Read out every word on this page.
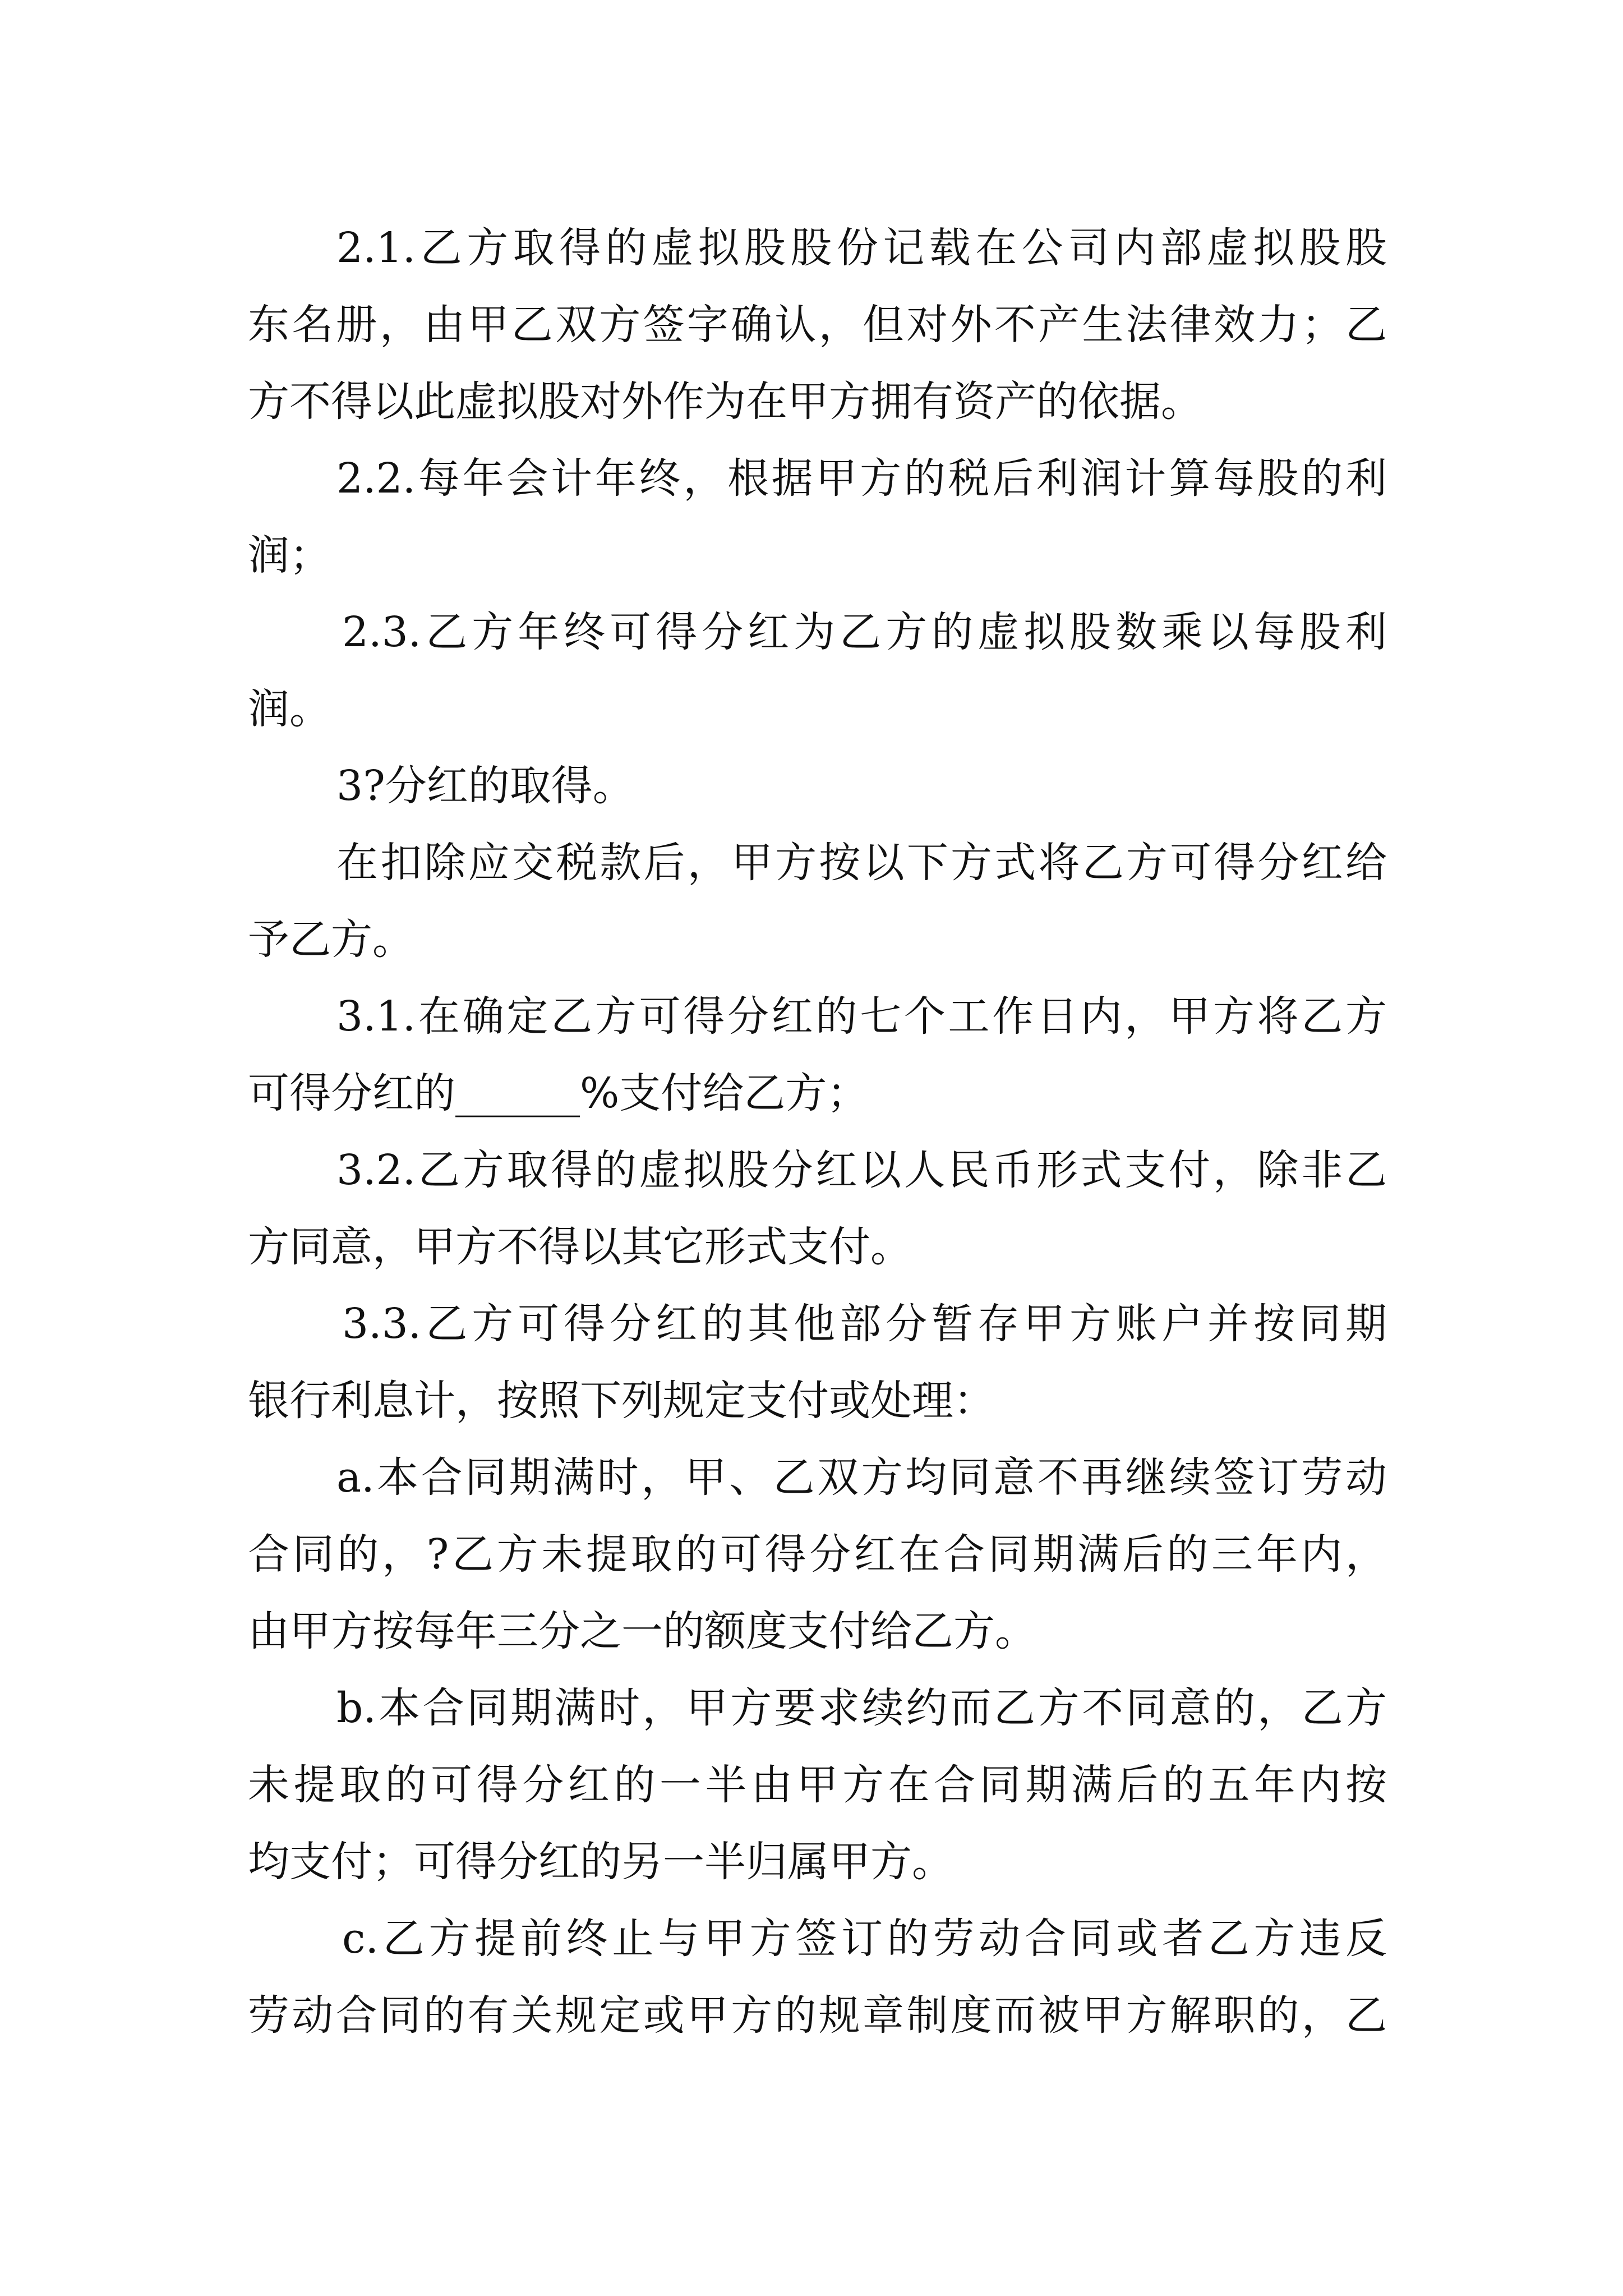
2.1.乙方取得的虚拟股股份记载在公司内部虚拟股股
东名册，由甲乙双方签字确认，但对外不产生法律效力；乙
方不得以此虚拟股对外作为在甲方拥有资产的依据。
2.2.每年会计年终，根据甲方的税后利润计算每股的利
润；
2.3.乙方年终可得分红为乙方的虚拟股数乘以每股利
润。
3?分红的取得。
在扣除应交税款后，甲方按以下方式将乙方可得分红给
予乙方。
3.1.在确定乙方可得分红的七个工作日内，甲方将乙方
可得分红的______%支付给乙方；
3.2.乙方取得的虚拟股分红以人民币形式支付，除非乙
方同意，甲方不得以其它形式支付。
3.3.乙方可得分红的其他部分暂存甲方账户并按同期
银行利息计，按照下列规定支付或处理：
a.本合同期满时，甲、乙双方均同意不再继续签订劳动
合同的，?乙方未提取的可得分红在合同期满后的三年内，
由甲方按每年三分之一的额度支付给乙方。
b.本合同期满时，甲方要求续约而乙方不同意的，乙方
未提取的可得分红的一半由甲方在合同期满后的五年内按
均支付；可得分红的另一半归属甲方。
c.乙方提前终止与甲方签订的劳动合同或者乙方违反
劳动合同的有关规定或甲方的规章制度而被甲方解职的，乙
